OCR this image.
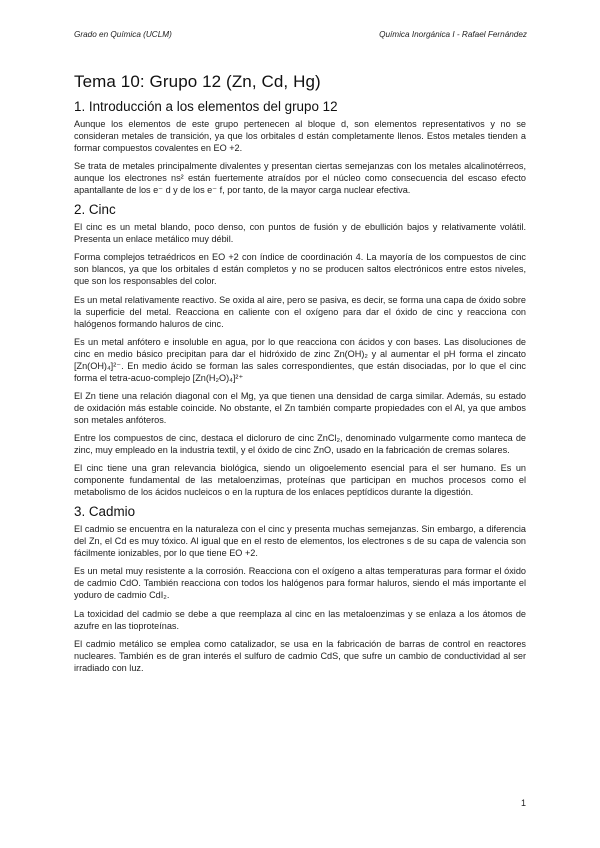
Grado en Química (UCLM)	Química Inorgánica I - Rafael Fernández
Tema 10: Grupo 12 (Zn, Cd, Hg)
1. Introducción a los elementos del grupo 12

Aunque los elementos de este grupo pertenecen al bloque d, son elementos representativos y no se consideran metales de transición, ya que los orbitales d están completamente llenos. Estos metales tienden a formar compuestos covalentes en EO +2.

Se trata de metales principalmente divalentes y presentan ciertas semejanzas con los metales alcalinotérreos, aunque los electrones ns² están fuertemente atraídos por el núcleo como consecuencia del escaso efecto apantallante de los e⁻ d y de los e⁻ f, por tanto, de la mayor carga nuclear efectiva.

2. Cinc

El cinc es un metal blando, poco denso, con puntos de fusión y de ebullición bajos y relativamente volátil. Presenta un enlace metálico muy débil.

Forma complejos tetraédricos en EO +2 con índice de coordinación 4. La mayoría de los compuestos de cinc son blancos, ya que los orbitales d están completos y no se producen saltos electrónicos entre estos niveles, que son los responsables del color.

Es un metal relativamente reactivo. Se oxida al aire, pero se pasiva, es decir, se forma una capa de óxido sobre la superficie del metal. Reacciona en caliente con el oxígeno para dar el óxido de cinc y reacciona con halógenos formando haluros de cinc.

Es un metal anfótero e insoluble en agua, por lo que reacciona con ácidos y con bases. Las disoluciones de cinc en medio básico precipitan para dar el hidróxido de zinc Zn(OH)₂ y al aumentar el pH forma el zincato [Zn(OH)₄]²⁻. En medio ácido se forman las sales correspondientes, que están disociadas, por lo que el cinc forma el tetra-acuo-complejo [Zn(H₂O)₄]²⁺

El Zn tiene una relación diagonal con el Mg, ya que tienen una densidad de carga similar. Además, su estado de oxidación más estable coincide. No obstante, el Zn también comparte propiedades con el Al, ya que ambos son metales anfóteros.

Entre los compuestos de cinc, destaca el dicloruro de cinc ZnCl₂, denominado vulgarmente como manteca de zinc, muy empleado en la industria textil, y el óxido de cinc ZnO, usado en la fabricación de cremas solares.

El cinc tiene una gran relevancia biológica, siendo un oligoelemento esencial para el ser humano. Es un componente fundamental de las metaloenzimas, proteínas que participan en muchos procesos como el metabolismo de los ácidos nucleicos o en la ruptura de los enlaces peptídicos durante la digestión.

3. Cadmio

El cadmio se encuentra en la naturaleza con el cinc y presenta muchas semejanzas. Sin embargo, a diferencia del Zn, el Cd es muy tóxico. Al igual que en el resto de elementos, los electrones s de su capa de valencia son fácilmente ionizables, por lo que tiene EO +2.

Es un metal muy resistente a la corrosión. Reacciona con el oxígeno a altas temperaturas para formar el óxido de cadmio CdO. También reacciona con todos los halógenos para formar haluros, siendo el más importante el yoduro de cadmio CdI₂.

La toxicidad del cadmio se debe a que reemplaza al cinc en las metaloenzimas y se enlaza a los átomos de azufre en las tioproteínas.

El cadmio metálico se emplea como catalizador, se usa en la fabricación de barras de control en reactores nucleares. También es de gran interés el sulfuro de cadmio CdS, que sufre un cambio de conductividad al ser irradiado con luz.

1
